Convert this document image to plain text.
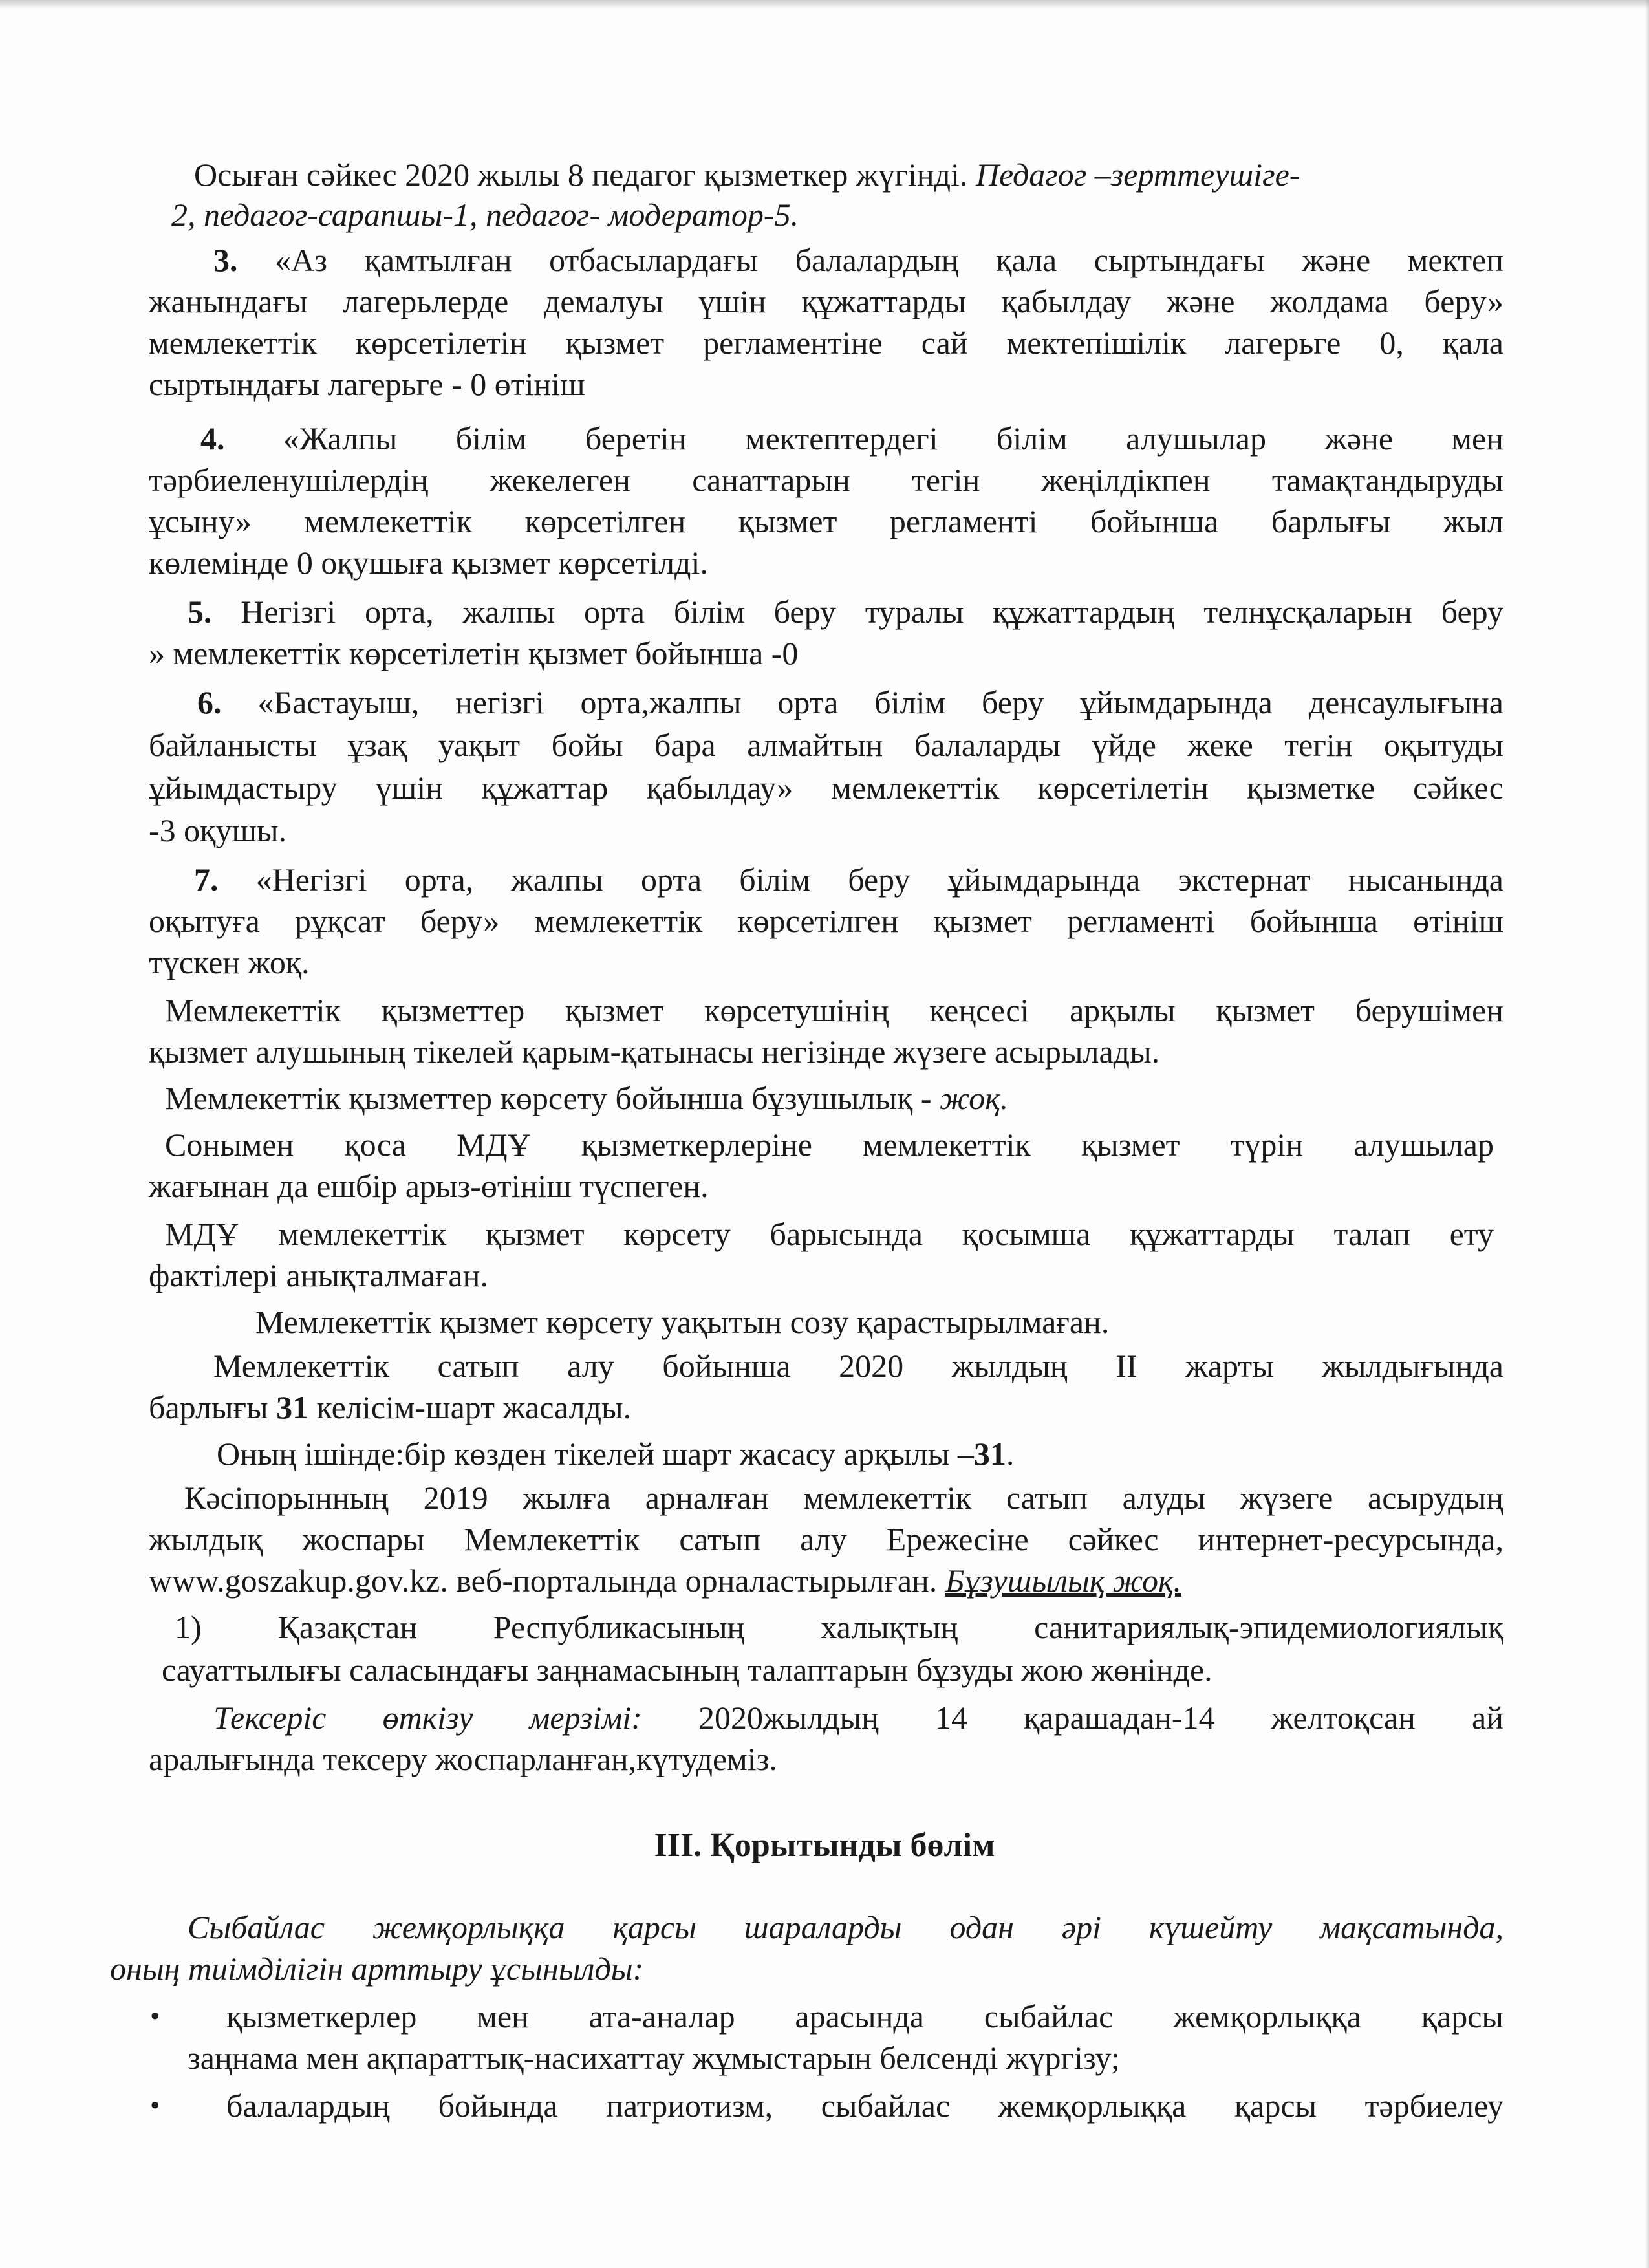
Осыған сәйкес 2020 жылы 8 педагог қызметкер жүгінді. Педагог –зерттеушіге-
2, педагог-сарапшы-1, педагог- модератор-5.
3. «Аз қамтылған отбасылардағы балалардың қала сыртындағы және мектеп
жанындағы лагерьлерде демалуы үшін құжаттарды қабылдау және жолдама беру»
мемлекеттік көрсетілетін қызмет регламентіне сай мектепішілік лагерьге 0, қала
сыртындағы лагерьге - 0 өтініш
4. «Жалпы білім беретін мектептердегі білім алушылар және мен
тәрбиеленушілердің жекелеген санаттарын тегін жеңілдікпен тамақтандыруды
ұсыну» мемлекеттік көрсетілген қызмет регламенті бойынша барлығы жыл
көлемінде 0 оқушыға қызмет көрсетілді.
5. Негізгі орта, жалпы орта білім беру туралы құжаттардың телнұсқаларын беру
» мемлекеттік көрсетілетін қызмет бойынша -0
6. «Бастауыш, негізгі орта,жалпы орта білім беру ұйымдарында денсаулығына
байланысты ұзақ уақыт бойы бара алмайтын балаларды үйде жеке тегін оқытуды
ұйымдастыру үшін құжаттар қабылдау» мемлекеттік көрсетілетін қызметке сәйкес
-3 оқушы.
7. «Негізгі орта, жалпы орта білім беру ұйымдарында экстернат нысанында
оқытуға рұқсат беру» мемлекеттік көрсетілген қызмет регламенті бойынша өтініш
түскен жоқ.
Мемлекеттік қызметтер қызмет көрсетушінің кеңсесі арқылы қызмет берушімен
қызмет алушының тікелей қарым-қатынасы негізінде жүзеге асырылады.
Мемлекеттік қызметтер көрсету бойынша бұзушылық - жоқ.
Сонымен қоса МДҰ қызметкерлеріне мемлекеттік қызмет түрін алушылар
жағынан да ешбір арыз-өтініш түспеген.
МДҰ мемлекеттік қызмет көрсету барысында қосымша құжаттарды талап ету
фактілері анықталмаған.
Мемлекеттік қызмет көрсету уақытын созу қарастырылмаған.
Мемлекеттік сатып алу бойынша 2020 жылдың ІІ жарты жылдығында
барлығы 31 келісім-шарт жасалды.
Оның ішінде:бір көзден тікелей шарт жасасу арқылы –31.
Кәсіпорынның 2019 жылға арналған мемлекеттік сатып алуды жүзеге асырудың
жылдық жоспары Мемлекеттік сатып алу Ережесіне сәйкес интернет-ресурсында,
www.goszakup.gov.kz. веб-порталында орналастырылған. Бұзушылық жоқ.
1) Қазақстан Республикасының халықтың санитариялық-эпидемиологиялық
сауаттылығы саласындағы заңнамасының талаптарын бұзуды жою жөнінде.
Тексеріс өткізу мерзімі: 2020жылдың 14 қарашадан-14 желтоқсан ай
аралығында тексеру жоспарланған,күтудеміз.
ІІІ. Қорытынды бөлім
Сыбайлас жемқорлыққа қарсы шараларды одан әрі күшейту мақсатында,
оның тиімділігін арттыру ұсынылды:
• қызметкерлер мен ата-аналар арасында сыбайлас жемқорлыққа қарсы
заңнама мен ақпараттық-насихаттау жұмыстарын белсенді жүргізу;
• балалардың бойында патриотизм, сыбайлас жемқорлыққа қарсы тәрбиелеу
